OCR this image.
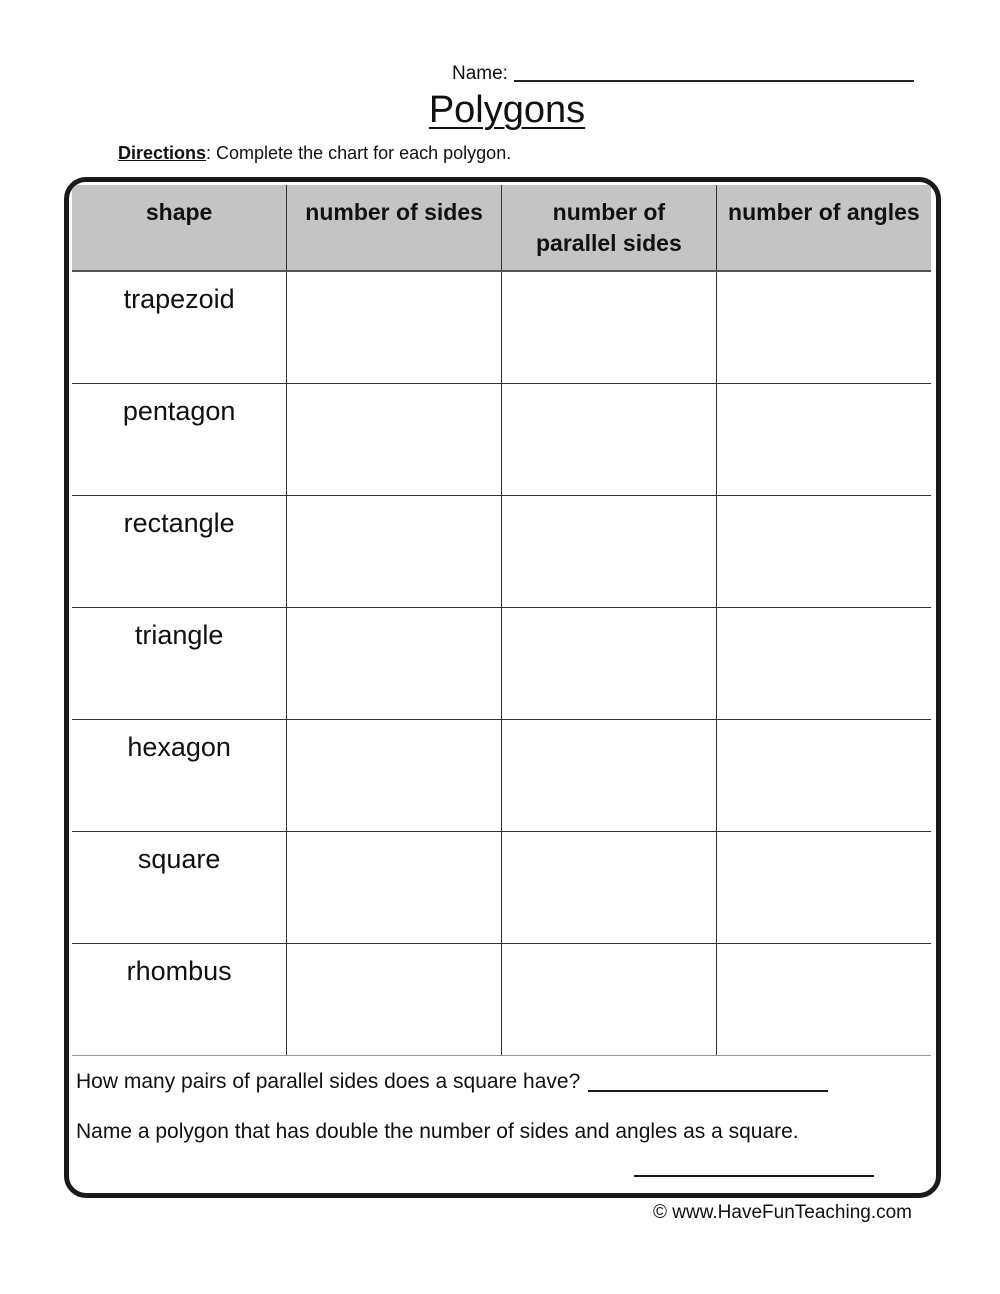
Name:
Polygons
Directions: Complete the chart for each polygon.
shape	number of sides	number of parallel sides	number of angles
trapezoid			
pentagon			
rectangle			
triangle			
hexagon			
square			
rhombus			
How many pairs of parallel sides does a square have?
Name a polygon that has double the number of sides and angles as a square.
© www.HaveFunTeaching.com
